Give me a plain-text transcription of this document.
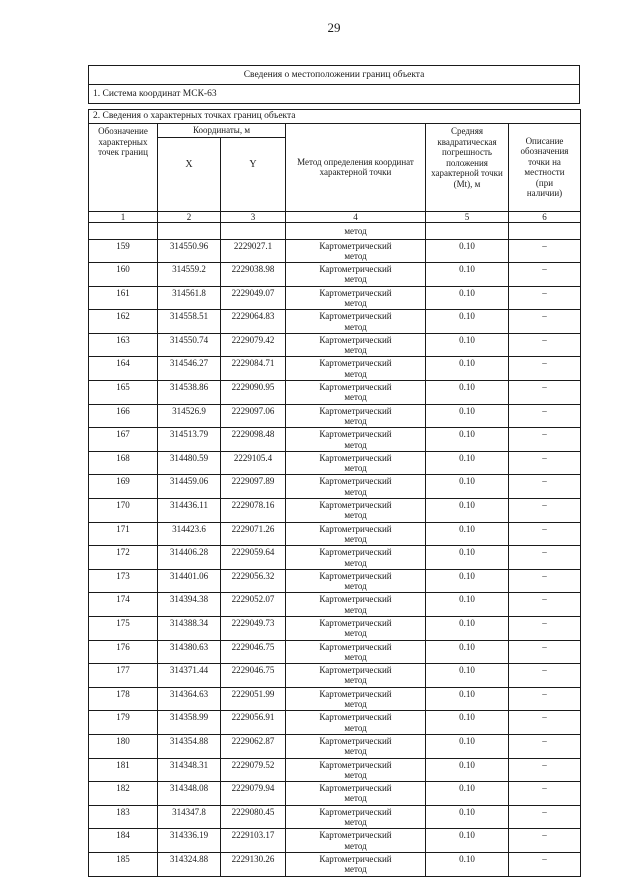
29
Сведения о местоположении границ объекта
1. Система координат МСК-63
2. Сведения о характерных точках границ объекта					
Обозначение характерных точек границ	Координаты, м		Метод определения координат характерной точки	Средняя квадратическая погрешность положения характерной точки (Мt), м	Описание обозначения точки на местности (при наличии)

	X	Y			
1	2	3	4	5	6
			метод		
159	314550.96	2229027.1	Картометрический метод	0.10	–
160	314559.2	2229038.98	Картометрический метод	0.10	–
161	314561.8	2229049.07	Картометрический метод	0.10	–
162	314558.51	2229064.83	Картометрический метод	0.10	–
163	314550.74	2229079.42	Картометрический метод	0.10	–
164	314546.27	2229084.71	Картометрический метод	0.10	–
165	314538.86	2229090.95	Картометрический метод	0.10	–
166	314526.9	2229097.06	Картометрический метод	0.10	–
167	314513.79	2229098.48	Картометрический метод	0.10	–
168	314480.59	2229105.4	Картометрический метод	0.10	–
169	314459.06	2229097.89	Картометрический метод	0.10	–
170	314436.11	2229078.16	Картометрический метод	0.10	–
171	314423.6	2229071.26	Картометрический метод	0.10	–
172	314406.28	2229059.64	Картометрический метод	0.10	–
173	314401.06	2229056.32	Картометрический метод	0.10	–
174	314394.38	2229052.07	Картометрический метод	0.10	–
175	314388.34	2229049.73	Картометрический метод	0.10	–
176	314380.63	2229046.75	Картометрический метод	0.10	–
177	314371.44	2229046.75	Картометрический метод	0.10	–
178	314364.63	2229051.99	Картометрический метод	0.10	–
179	314358.99	2229056.91	Картометрический метод	0.10	–
180	314354.88	2229062.87	Картометрический метод	0.10	–
181	314348.31	2229079.52	Картометрический метод	0.10	–
182	314348.08	2229079.94	Картометрический метод	0.10	–
183	314347.8	2229080.45	Картометрический метод	0.10	–
184	314336.19	2229103.17	Картометрический метод	0.10	–
185	314324.88	2229130.26	Картометрический метод	0.10	–
